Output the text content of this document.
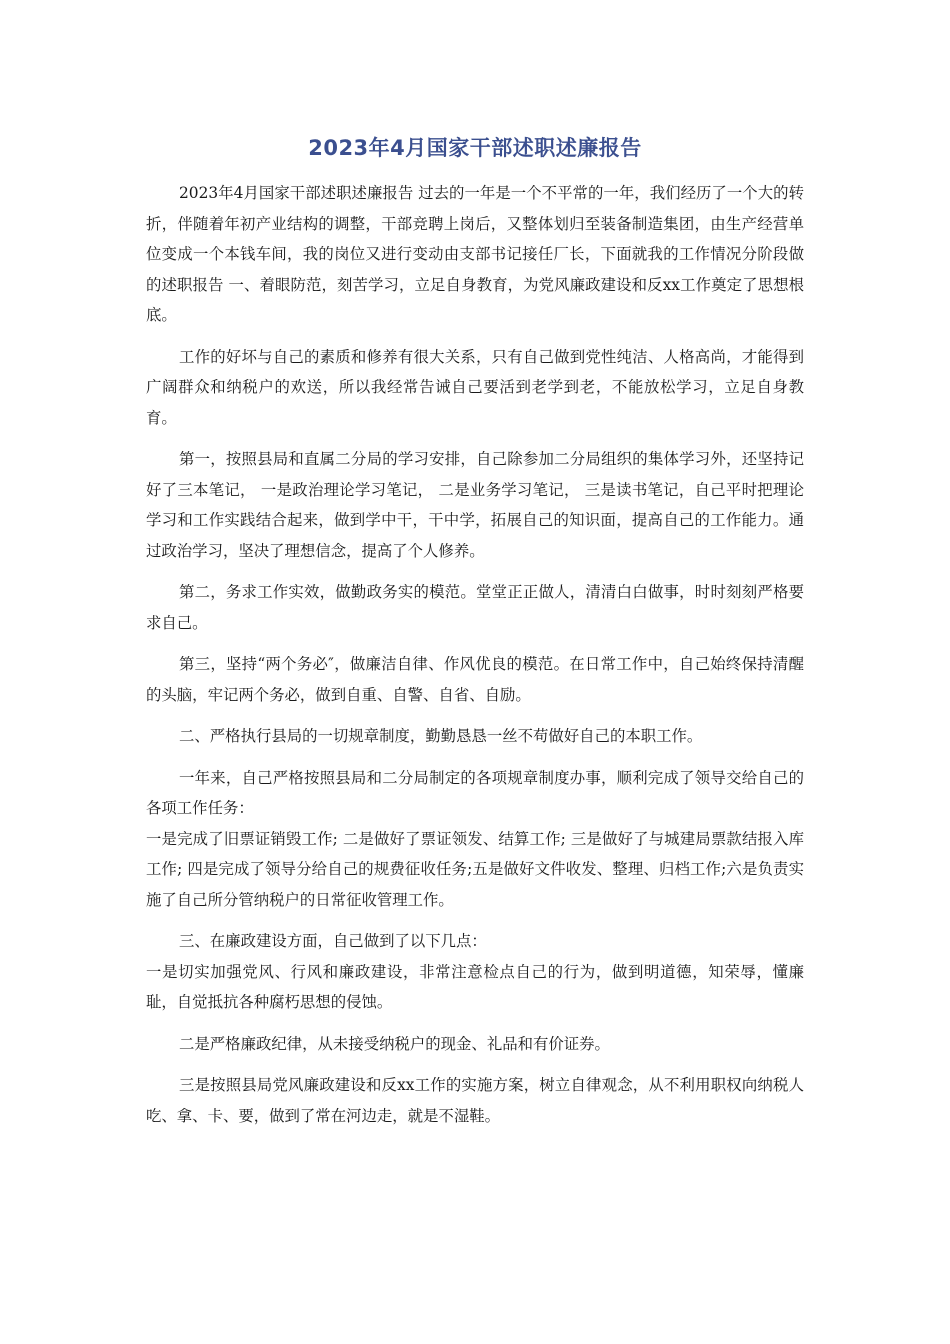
2023年4月国家干部述职述廉报告

2023年4月国家干部述职述廉报告 过去的一年是一个不平常的一年，我们经历了一个大的转折，伴随着年初产业结构的调整，干部竞聘上岗后，又整体划归至装备制造集团，由生产经营单位变成一个本钱车间，我的岗位又进行变动由支部书记接任厂长，下面就我的工作情况分阶段做的述职报告 一、着眼防范，刻苦学习，立足自身教育，为党风廉政建设和反xx工作奠定了思想根底。

工作的好坏与自己的素质和修养有很大关系，只有自己做到党性纯洁、人格高尚，才能得到广阔群众和纳税户的欢送，所以我经常告诫自己要活到老学到老，不能放松学习，立足自身教育。

第一，按照县局和直属二分局的学习安排，自己除参加二分局组织的集体学习外，还坚持记好了三本笔记， 一是政治理论学习笔记， 二是业务学习笔记， 三是读书笔记，自己平时把理论学习和工作实践结合起来，做到学中干，干中学，拓展自己的知识面，提高自己的工作能力。通过政治学习，坚决了理想信念，提高了个人修养。

第二，务求工作实效，做勤政务实的模范。堂堂正正做人，清清白白做事，时时刻刻严格要求自己。

第三，坚持“两个务必″，做廉洁自律、作风优良的模范。在日常工作中，自己始终保持清醒的头脑，牢记两个务必，做到自重、自警、自省、自励。

二、严格执行县局的一切规章制度，勤勤恳恳一丝不苟做好自己的本职工作。

一年来，自己严格按照县局和二分局制定的各项规章制度办事，顺利完成了领导交给自己的各项工作任务：

一是完成了旧票证销毁工作; 二是做好了票证领发、结算工作; 三是做好了与城建局票款结报入库工作; 四是完成了领导分给自己的规费征收任务;五是做好文件收发、整理、归档工作;六是负责实施了自己所分管纳税户的日常征收管理工作。

三、在廉政建设方面，自己做到了以下几点：

一是切实加强党风、行风和廉政建设，非常注意检点自己的行为，做到明道德，知荣辱，懂廉耻，自觉抵抗各种腐朽思想的侵蚀。

二是严格廉政纪律，从未接受纳税户的现金、礼品和有价证券。

三是按照县局党风廉政建设和反xx工作的实施方案，树立自律观念，从不利用职权向纳税人吃、拿、卡、要，做到了常在河边走，就是不湿鞋。
